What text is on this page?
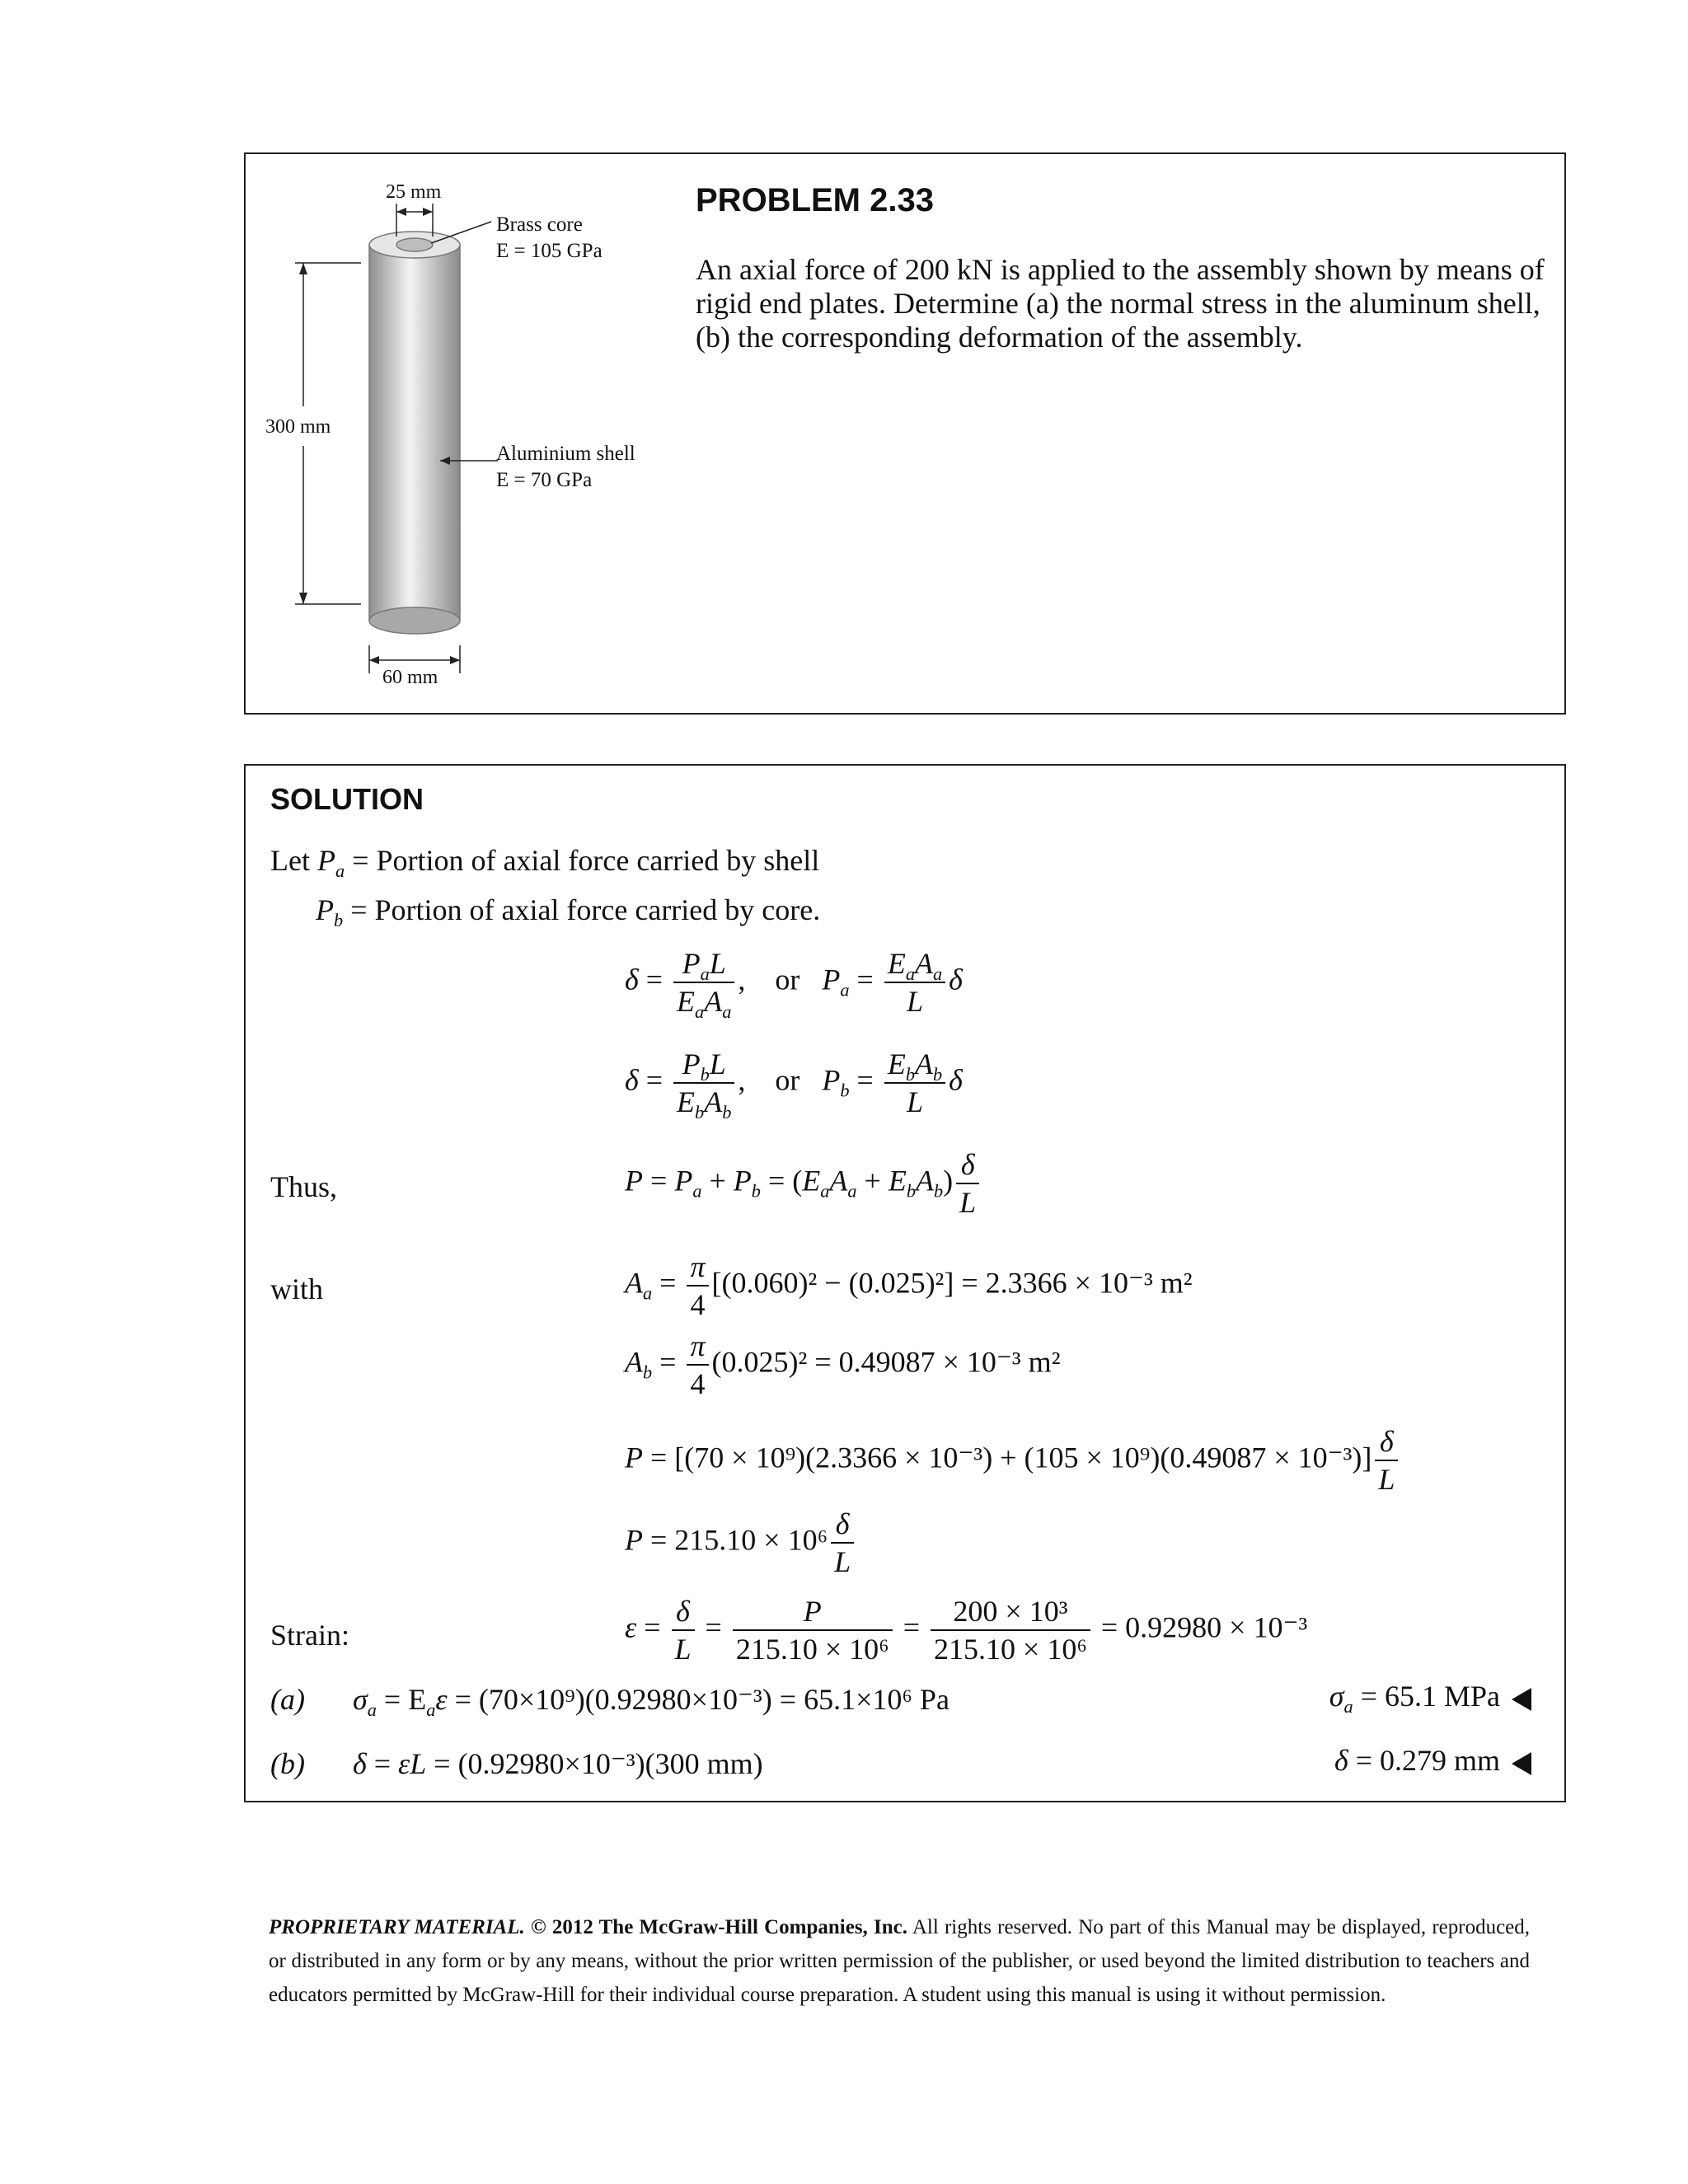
25 mm
Brass core
E = 105 GPa
300 mm
Aluminium shell
E = 70 GPa
60 mm
PROBLEM 2.33
An axial force of 200 kN is applied to the assembly shown by means of
rigid end plates. Determine (a) the normal stress in the aluminum shell,
(b) the corresponding deformation of the assembly.
SOLUTION
Let $P_a$ = Portion of axial force carried by shell
$P_b$ = Portion of axial force carried by core.
$\delta = \frac{P_aL}{E_aA_a}$ ,    or $P_a = \frac{E_aA_a}{L}$ δ
$\delta = \frac{P_bL}{E_bA_b}$ ,    or $P_b = \frac{E_bA_b}{L}$ δ
Thus,	$P = P_a + P_b = (E_aA_a + E_bA_b) \frac{\delta}{L}$
with	$A_a = \frac{\pi}{4} [(0.060)^2 - (0.025)^2] = 2.3366 \times 10^{-3}$ m²
$A_b = \frac{\pi}{4} (0.025)^2 = 0.49087 \times 10^{-3}$ m²
$P = [(70 \times 10^9)(2.3366 \times 10^{-3}) + (105 \times 10^9)(0.49087 \times 10^{-3})] \frac{\delta}{L}$
$P = 215.10 \times 10^6 \frac{\delta}{L}$
Strain:	$\varepsilon = \frac{\delta}{L} = \frac{P}{\text{215.10 × 10⁶}} = \frac{\text{200 × 10³}}{\text{215.10 × 10⁶}} = 0.92980 \times 10^{-3}$
(a) $\sigma_a = E_a\varepsilon = (70\times 10^9)(0.92980\times 10^{-3}) = 65.1\times 10^6$ Pa	$\sigma_a = 65.1$ MPa
(b) δ = εL = (0.92980×10⁻³)(300 mm)	δ = 0.279 mm
PROPRIETARY MATERIAL. © 2012 The McGraw-Hill Companies, Inc. All rights reserved. No part of this Manual may be displayed, reproduced, or distributed in any form or by any means, without the prior written permission of the publisher, or used beyond the limited distribution to teachers and educators permitted by McGraw-Hill for their individual course preparation. A student using this manual is using it without permission.
